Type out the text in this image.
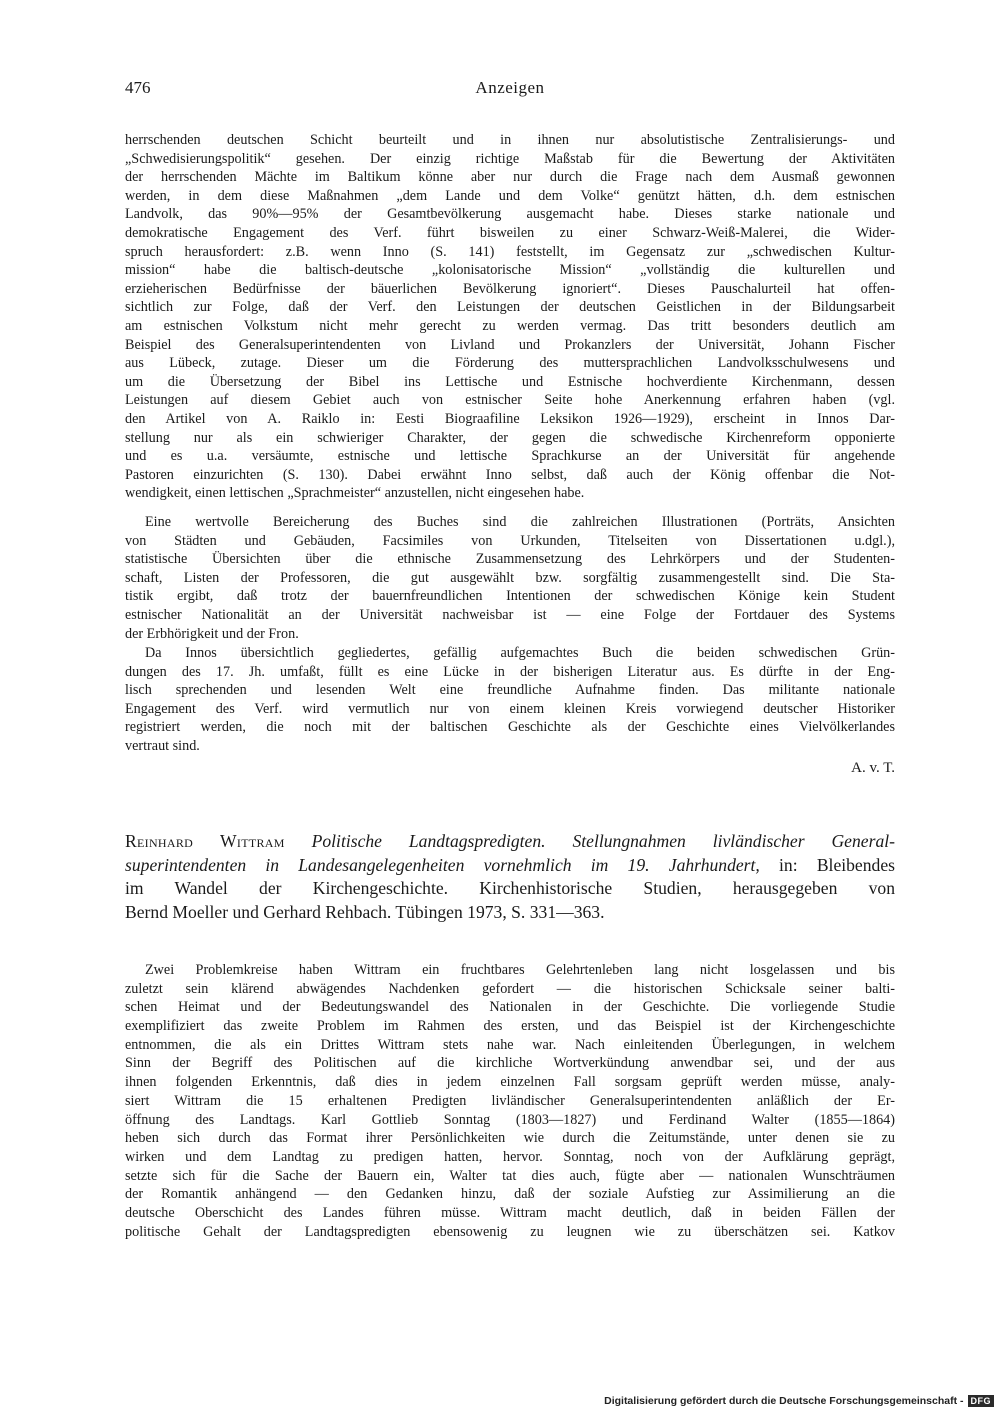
476	Anzeigen
herrschenden deutschen Schicht beurteilt und in ihnen nur absolutistische Zentralisierungs- und
„Schwedisierungspolitik“ gesehen. Der einzig richtige Maßstab für die Bewertung der Aktivitäten
der herrschenden Mächte im Baltikum könne aber nur durch die Frage nach dem Ausmaß gewonnen
werden, in dem diese Maßnahmen „dem Lande und dem Volke“ genützt hätten, d.h. dem estnischen
Landvolk, das 90%—95% der Gesamtbevölkerung ausgemacht habe. Dieses starke nationale und
demokratische Engagement des Verf. führt bisweilen zu einer Schwarz-Weiß-Malerei, die Wider-
spruch herausfordert: z.B. wenn Inno (S. 141) feststellt, im Gegensatz zur „schwedischen Kultur-
mission“ habe die baltisch-deutsche „kolonisatorische Mission“ „vollständig die kulturellen und
erzieherischen Bedürfnisse der bäuerlichen Bevölkerung ignoriert“. Dieses Pauschalurteil hat offen-
sichtlich zur Folge, daß der Verf. den Leistungen der deutschen Geistlichen in der Bildungsarbeit
am estnischen Volkstum nicht mehr gerecht zu werden vermag. Das tritt besonders deutlich am
Beispiel des Generalsuperintendenten von Livland und Prokanzlers der Universität, Johann Fischer
aus Lübeck, zutage. Dieser um die Förderung des muttersprachlichen Landvolksschulwesens und
um die Übersetzung der Bibel ins Lettische und Estnische hochverdiente Kirchenmann, dessen
Leistungen auf diesem Gebiet auch von estnischer Seite hohe Anerkennung erfahren haben (vgl.
den Artikel von A. Raiklo in: Eesti Biograafiline Leksikon 1926—1929), erscheint in Innos Dar-
stellung nur als ein schwieriger Charakter, der gegen die schwedische Kirchenreform opponierte
und es u.a. versäumte, estnische und lettische Sprachkurse an der Universität für angehende
Pastoren einzurichten (S. 130). Dabei erwähnt Inno selbst, daß auch der König offenbar die Not-
wendigkeit, einen lettischen „Sprachmeister“ anzustellen, nicht eingesehen habe.
Eine wertvolle Bereicherung des Buches sind die zahlreichen Illustrationen (Porträts, Ansichten
von Städten und Gebäuden, Facsimiles von Urkunden, Titelseiten von Dissertationen u.dgl.),
statistische Übersichten über die ethnische Zusammensetzung des Lehrkörpers und der Studenten-
schaft, Listen der Professoren, die gut ausgewählt bzw. sorgfältig zusammengestellt sind. Die Sta-
tistik ergibt, daß trotz der bauernfreundlichen Intentionen der schwedischen Könige kein Student
estnischer Nationalität an der Universität nachweisbar ist — eine Folge der Fortdauer des Systems
der Erbhörigkeit und der Fron.
Da Innos übersichtlich gegliedertes, gefällig aufgemachtes Buch die beiden schwedischen Grün-
dungen des 17. Jh. umfaßt, füllt es eine Lücke in der bisherigen Literatur aus. Es dürfte in der Eng-
lisch sprechenden und lesenden Welt eine freundliche Aufnahme finden. Das militante nationale
Engagement des Verf. wird vermutlich nur von einem kleinen Kreis vorwiegend deutscher Historiker
registriert werden, die noch mit der baltischen Geschichte als der Geschichte eines Vielvölkerlandes
vertraut sind.
A. v. T.
Reinhard Wittram Politische Landtagspredigten. Stellungnahmen livländischer General-
superintendenten in Landesangelegenheiten vornehmlich im 19. Jahrhundert, in: Bleibendes
im Wandel der Kirchengeschichte. Kirchenhistorische Studien, herausgegeben von
Bernd Moeller und Gerhard Rehbach. Tübingen 1973, S. 331—363.
Zwei Problemkreise haben Wittram ein fruchtbares Gelehrtenleben lang nicht losgelassen und bis
zuletzt sein klärend abwägendes Nachdenken gefordert — die historischen Schicksale seiner balti-
schen Heimat und der Bedeutungswandel des Nationalen in der Geschichte. Die vorliegende Studie
exemplifiziert das zweite Problem im Rahmen des ersten, und das Beispiel ist der Kirchengeschichte
entnommen, die als ein Drittes Wittram stets nahe war. Nach einleitenden Überlegungen, in welchem
Sinn der Begriff des Politischen auf die kirchliche Wortverkündung anwendbar sei, und der aus
ihnen folgenden Erkenntnis, daß dies in jedem einzelnen Fall sorgsam geprüft werden müsse, analy-
siert Wittram die 15 erhaltenen Predigten livländischer Generalsuperintendenten anläßlich der Er-
öffnung des Landtags. Karl Gottlieb Sonntag (1803—1827) und Ferdinand Walter (1855—1864)
heben sich durch das Format ihrer Persönlichkeiten wie durch die Zeitumstände, unter denen sie zu
wirken und dem Landtag zu predigen hatten, hervor. Sonntag, noch von der Aufklärung geprägt,
setzte sich für die Sache der Bauern ein, Walter tat dies auch, fügte aber — nationalen Wunschträumen
der Romantik anhängend — den Gedanken hinzu, daß der soziale Aufstieg zur Assimilierung an die
deutsche Oberschicht des Landes führen müsse. Wittram macht deutlich, daß in beiden Fällen der
politische Gehalt der Landtagspredigten ebensowenig zu leugnen wie zu überschätzen sei. Katkov
Digitalisierung gefördert durch die Deutsche Forschungsgemeinschaft - DFG
